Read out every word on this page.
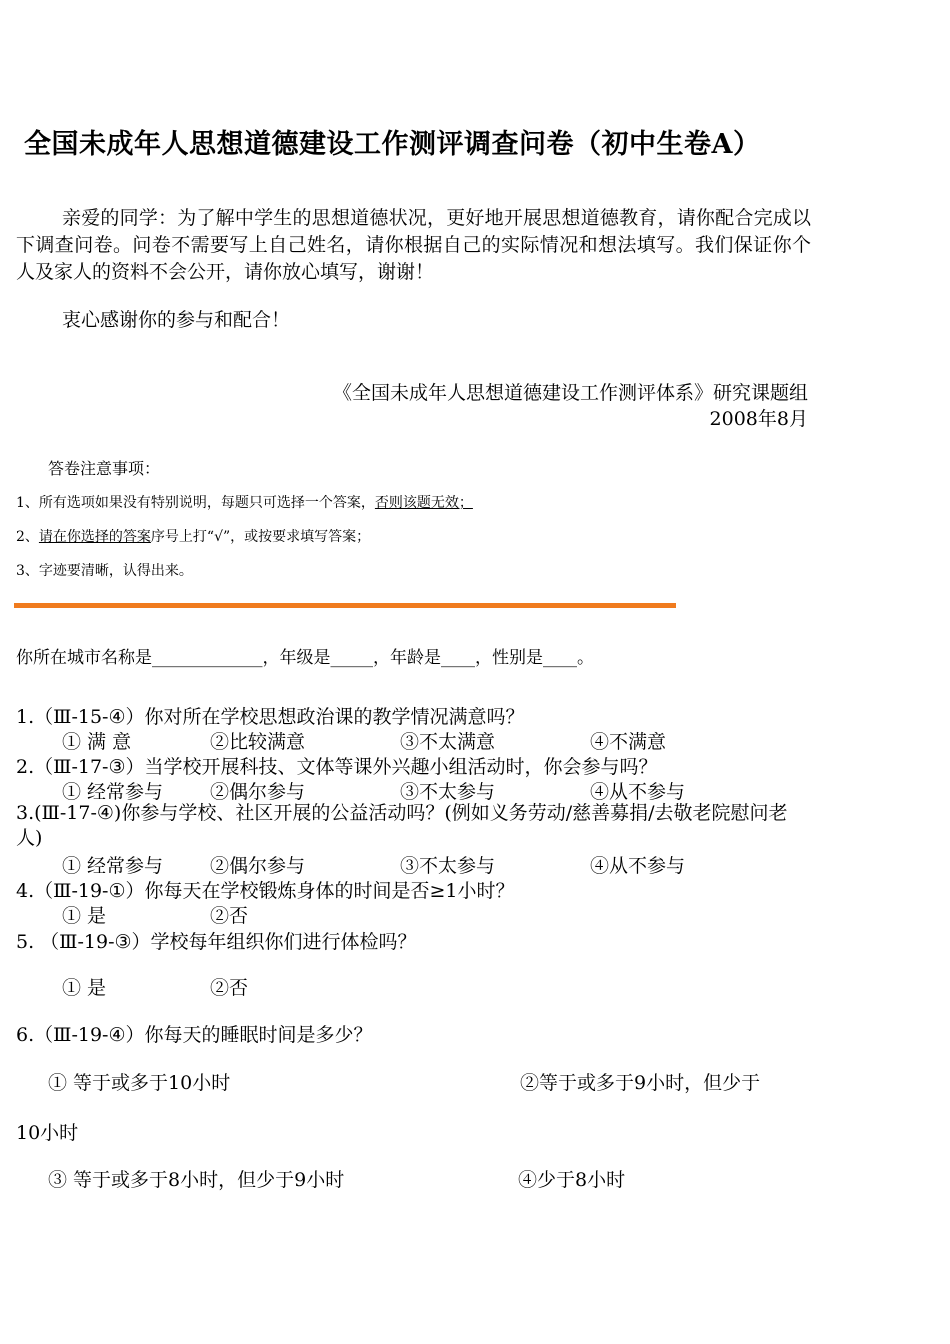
全国未成年人思想道德建设工作测评调查问卷（初中生卷A）
亲爱的同学：为了解中学生的思想道德状况，更好地开展思想道德教育，请你配合完成以下调查问卷。问卷不需要写上自己姓名，请你根据自己的实际情况和想法填写。我们保证你个人及家人的资料不会公开，请你放心填写，谢谢！
衷心感谢你的参与和配合！
《全国未成年人思想道德建设工作测评体系》研究课题组
2008年8月
答卷注意事项：
1、所有选项如果没有特别说明，每题只可选择一个答案，否则该题无效；
2、请在你选择的答案序号上打“√”，或按要求填写答案；
3、字迹要清晰，认得出来。
你所在城市名称是_____________，年级是_____，年龄是____，性别是____。
1.（Ⅲ-15-④）你对所在学校思想政治课的教学情况满意吗？
① 满 意	②比较满意	③不太满意	④不满意
2.（Ⅲ-17-③）当学校开展科技、文体等课外兴趣小组活动时，你会参与吗？
① 经常参与 ②偶尔参与	③不太参与	④从不参与
3.(Ⅲ-17-④)你参与学校、社区开展的公益活动吗？(例如义务劳动/慈善募捐/去敬老院慰问老人)
① 经常参与 ②偶尔参与	③不太参与	④从不参与
4.（Ⅲ-19-①）你每天在学校锻炼身体的时间是否≥1小时？
① 是	②否
5. （Ⅲ-19-③）学校每年组织你们进行体检吗？
① 是	②否
6.（Ⅲ-19-④）你每天的睡眠时间是多少？
① 等于或多于10小时	②等于或多于9小时，但少于
10小时
③ 等于或多于8小时，但少于9小时	④少于8小时
